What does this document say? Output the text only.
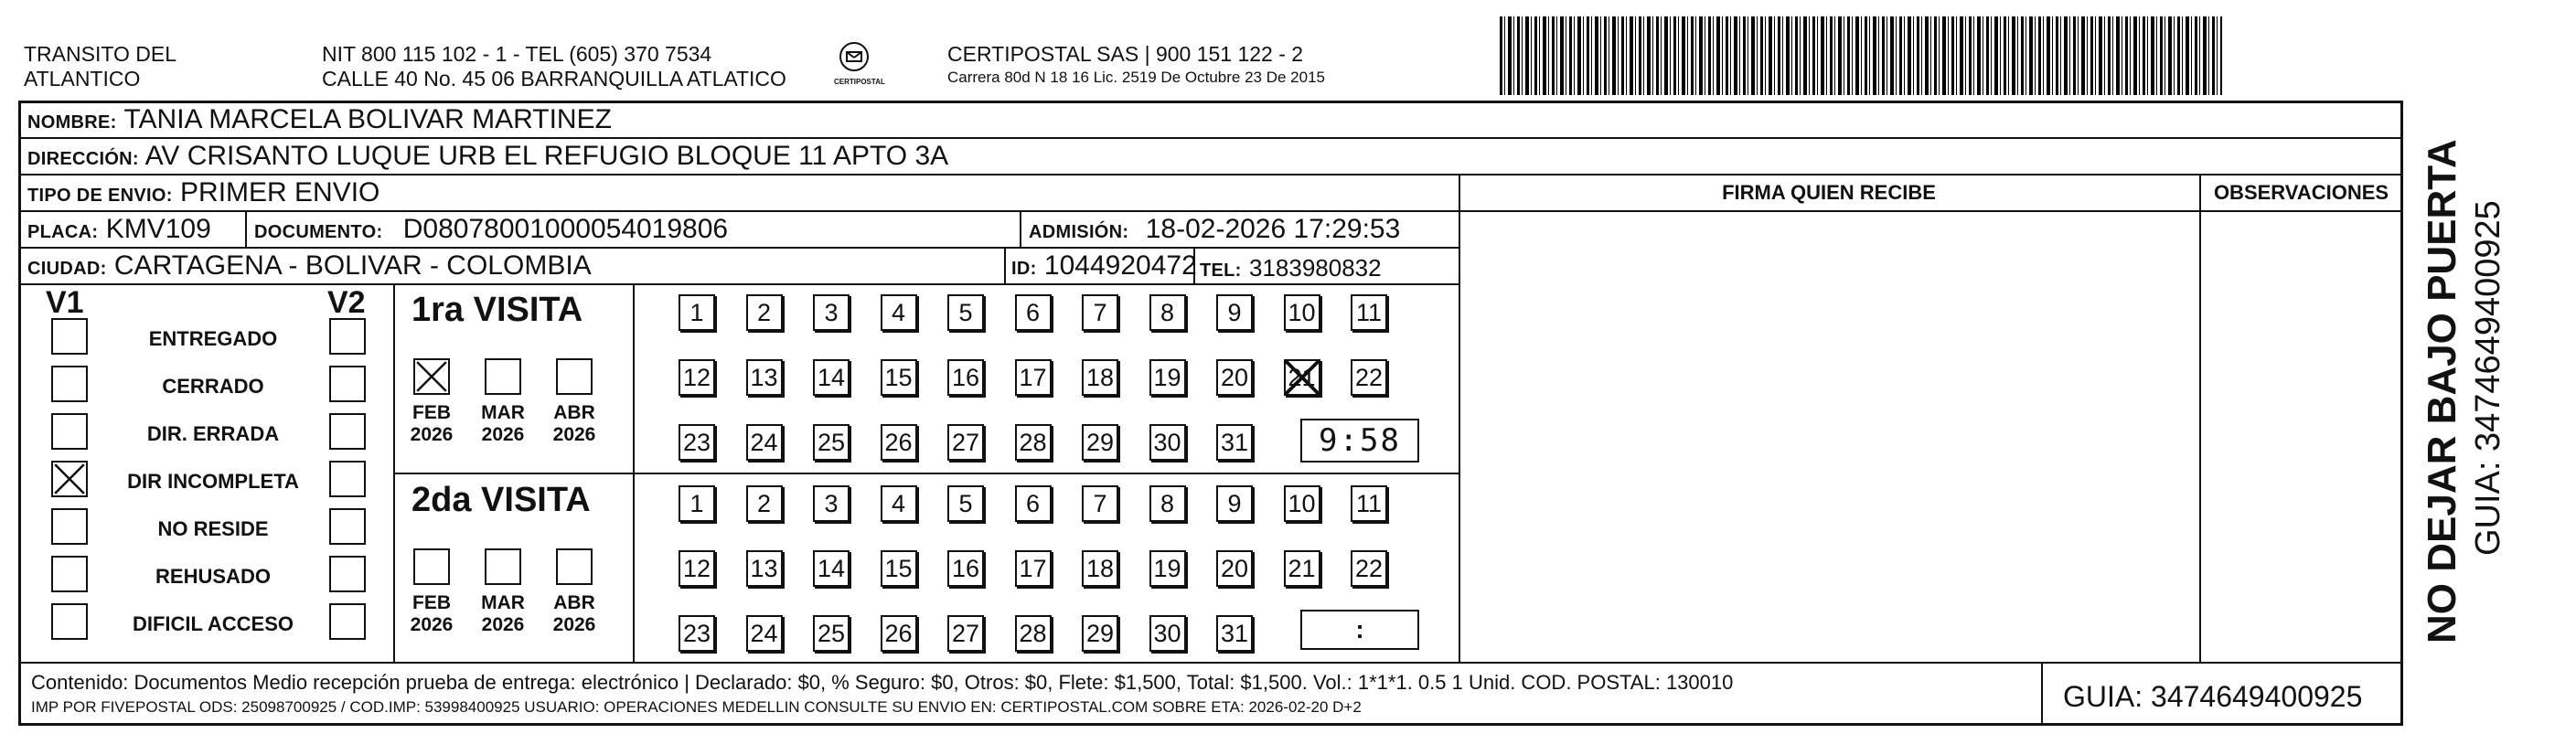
TRANSITO DEL
ATLANTICO
NIT 800 115 102 - 1 - TEL (605) 370 7534
CALLE 40 No. 45 06 BARRANQUILLA ATLATICO	CERTIPOSTAL
CERTIPOSTAL SAS | 900 151 122 - 2
Carrera 80d N 18 16 Lic. 2519 De Octubre 23 De 2015
NOMBRE: TANIA MARCELA BOLIVAR MARTINEZ
DIRECCIÓN: AV CRISANTO LUQUE URB EL REFUGIO BLOQUE 11 APTO 3A
TIPO DE ENVIO: PRIMER ENVIO	FIRMA QUIEN RECIBE	OBSERVACIONES
PLACA: KMV109 DOCUMENTO: D08078001000054019806	ADMISIÓN: 18-02-2026 17:29:53
CIUDAD: CARTAGENA - BOLIVAR - COLOMBIA	ID: 1044920472 TEL: 3183980832
V1	V2
ENTREGADO
CERRADO
DIR. ERRADA
DIR INCOMPLETA
NO RESIDE
REHUSADO
DIFICIL ACCESO
1ra VISITA
2da VISITA
FEB
2026
MAR
2026
ABR
2026
FEB
2026
MAR
2026
ABR
2026
1	2	3	4	5	6	7	8	9	10 11
12 13 14 15 16 17 18 19 20 21 22
23 24 25 26 27 28 29 30 31
1	2	3	4	5	6	7	8	9	10 11
12 13 14 15 16 17 18 19 20 21 22
23 24 25 26 27 28 29 30 31
9:58
:
Contenido: Documentos Medio recepción prueba de entrega: electrónico | Declarado: $0, % Seguro: $0, Otros: $0, Flete: $1,500, Total: $1,500. Vol.: 1*1*1. 0.5 1 Unid. COD. POSTAL: 130010
IMP POR FIVEPOSTAL ODS: 25098700925 / COD.IMP: 53998400925 USUARIO: OPERACIONES MEDELLIN CONSULTE SU ENVIO EN: CERTIPOSTAL.COM SOBRE ETA: 2026-02-20 D+2	GUIA: 3474649400925
NO DEJAR BAJO PUERTA GUIA: 3474649400925
